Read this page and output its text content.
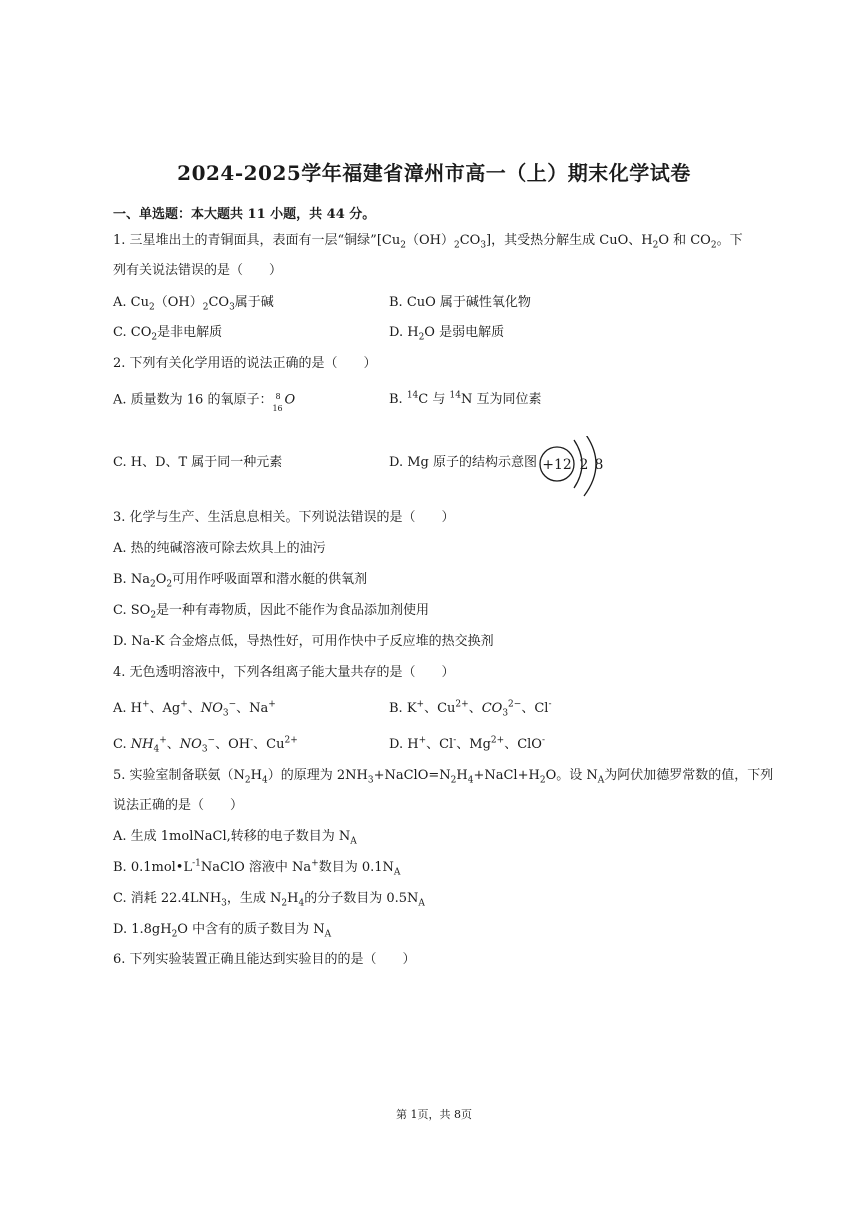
2024-2025学年福建省漳州市高一（上）期末化学试卷
一、单选题：本大题共 11 小题，共 44 分。
1. 三星堆出土的青铜面具，表面有一层“铜绿$”[Cu_2(OH)_2CO_3]$，其受热分解生成 CuO、$H_2O$ 和 $CO_2$。下
列有关说法错误的是（　　）
A. $Cu_2(OH)_2CO_3$属于碱	B. CuO 属于碱性氧化物
C. $CO_2$是非电解质	D. $H_2O$ 是弱电解质
2. 下列有关化学用语的说法正确的是（　　）
A. 质量数为 16 的氧原子： 8
16
O	B. $^{14}$C 与 $^{14}$N 互为同位素
C. H、D、T 属于同一种元素	D. Mg 原子的结构示意图 +12 2 8
3. 化学与生产、生活息息相关。下列说法错误的是（　　）
A. 热的纯碱溶液可除去炊具上的油污
B. $Na_2O_2$可用作呼吸面罩和潜水艇的供氧剂
C. $SO_2$是一种有毒物质，因此不能作为食品添加剂使用
D. Na-K 合金熔点低，导热性好，可用作快中子反应堆的热交换剂
4. 无色透明溶液中，下列各组离子能大量共存的是（　　）
A. H+、Ag+、$NO_3^-$、Na+	B. K+、$Cu^{2+}$、$CO_3^{2-}$、Cl-
C. $NH_4^+$、$NO_3^-$、OH-、$Cu^{2+}$	D. H+、Cl-、$Mg^{2+}$、ClO-
5. 实验室制备联氨$(N_2H_4)$的原理为 $2NH_3+NaClO=N_2H_4+NaCl+H_2O$。设 $N_A$为阿伏加德罗常数的值，下列
说法正确的是（　　）
A. 生成 1molNaCl,转移的电子数目为 $N_A$
B. $0.1mol•L^{-1}NaClO$ 溶液中 Na+数目为 $0.1N_A$
C. 消耗 $22.4LNH_3$，生成 $N_2H_4$的分子数目为 $0.5N_A$
D. $1.8gH_2O$ 中含有的质子数目为 $N_A$
6. 下列实验装置正确且能达到实验目的的是（　　）
第 1页，共 8页
